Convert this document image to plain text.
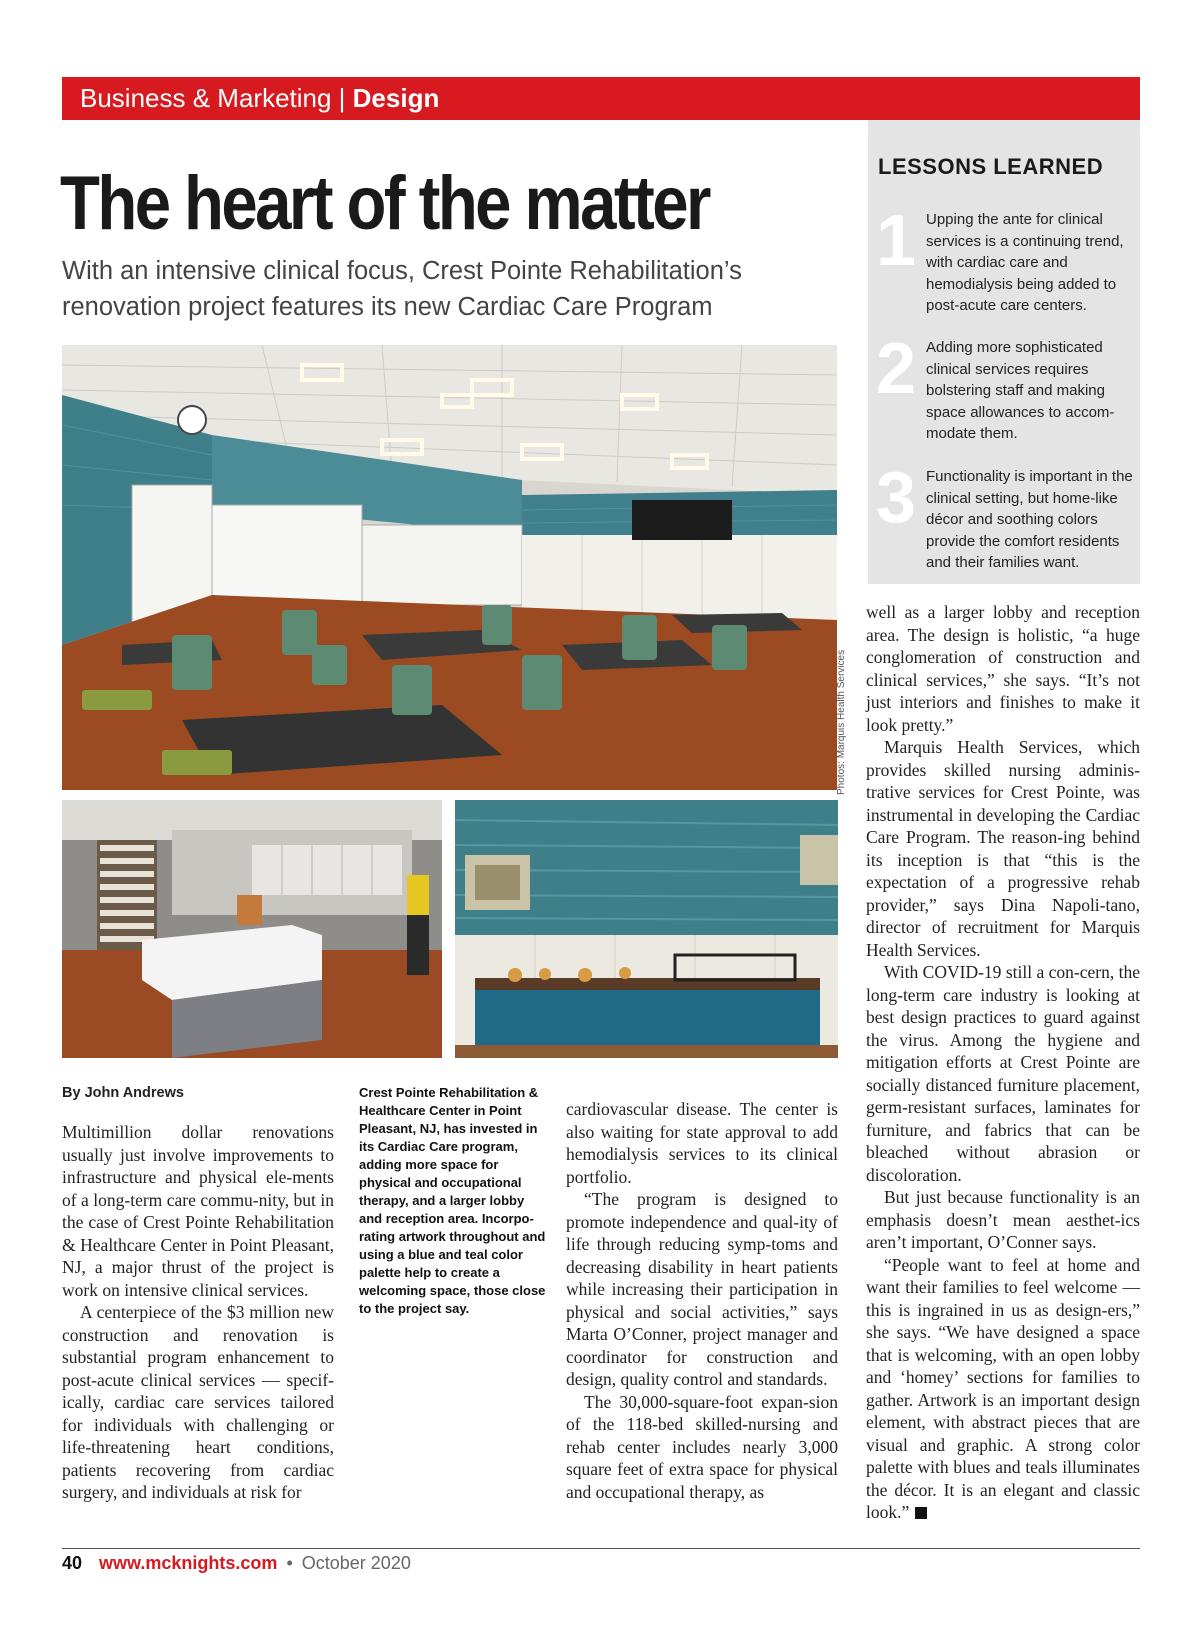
Business & Marketing | Design
The heart of the matter
With an intensive clinical focus, Crest Pointe Rehabilitation’s renovation project features its new Cardiac Care Program
Photos: Marquis Health Services
LESSONS LEARNED
1 Upping the ante for clinical services is a continuing trend, with cardiac care and hemodialysis being added to post-acute care centers.
2 Adding more sophisticated clinical services requires bolstering staff and making space allowances to accom-modate them.
3 Functionality is important in the clinical setting, but home-like décor and soothing colors provide the comfort residents and their families want.
By John Andrews	Crest Pointe Rehabilitation & Healthcare Center in Point Pleasant, NJ, has invested in its Cardiac Care program, adding more space for physical and occupational therapy, and a larger lobby and reception area. Incorpo-rating artwork throughout and using a blue and teal color palette help to create a welcoming space, those close to the project say.

Multimillion dollar renovations usually just involve improvements to infrastructure and physical ele-ments of a long-term care commu-nity, but in the case of Crest Pointe Rehabilitation & Healthcare Center in Point Pleasant, NJ, a major thrust of the project is work on intensive clinical services.

A centerpiece of the $3 million new construction and renovation is substantial program enhancement to post-acute clinical services — specif-ically, cardiac care services tailored for individuals with challenging or life-threatening heart conditions, patients recovering from cardiac surgery, and individuals at risk for

cardiovascular disease. The center is also waiting for state approval to add hemodialysis services to its clinical portfolio.

“The program is designed to promote independence and qual-ity of life through reducing symp-toms and decreasing disability in heart patients while increasing their participation in physical and social activities,” says Marta O’Conner, project manager and coordinator for construction and design, quality control and standards.

The 30,000-square-foot expan-sion of the 118-bed skilled-nursing and rehab center includes nearly 3,000 square feet of extra space for physical and occupational therapy, as

well as a larger lobby and reception area. The design is holistic, “a huge conglomeration of construction and clinical services,” she says. “It’s not just interiors and finishes to make it look pretty.”

Marquis Health Services, which provides skilled nursing adminis-trative services for Crest Pointe, was instrumental in developing the Cardiac Care Program. The reason-ing behind its inception is that “this is the expectation of a progressive rehab provider,” says Dina Napoli-tano, director of recruitment for Marquis Health Services.

With COVID-19 still a con-cern, the long-term care industry is looking at best design practices to guard against the virus. Among the hygiene and mitigation efforts at Crest Pointe are socially distanced furniture placement, germ-resistant surfaces, laminates for furniture, and fabrics that can be bleached without abrasion or discoloration.

But just because functionality is an emphasis doesn’t mean aesthet-ics aren’t important, O’Conner says.

“People want to feel at home and want their families to feel welcome — this is ingrained in us as design-ers,” she says. “We have designed a space that is welcoming, with an open lobby and ‘homey’ sections for families to gather. Artwork is an important design element, with abstract pieces that are visual and graphic. A strong color palette with blues and teals illuminates the décor. It is an elegant and classic look.”

40 www.mcknights.com • October 2020
